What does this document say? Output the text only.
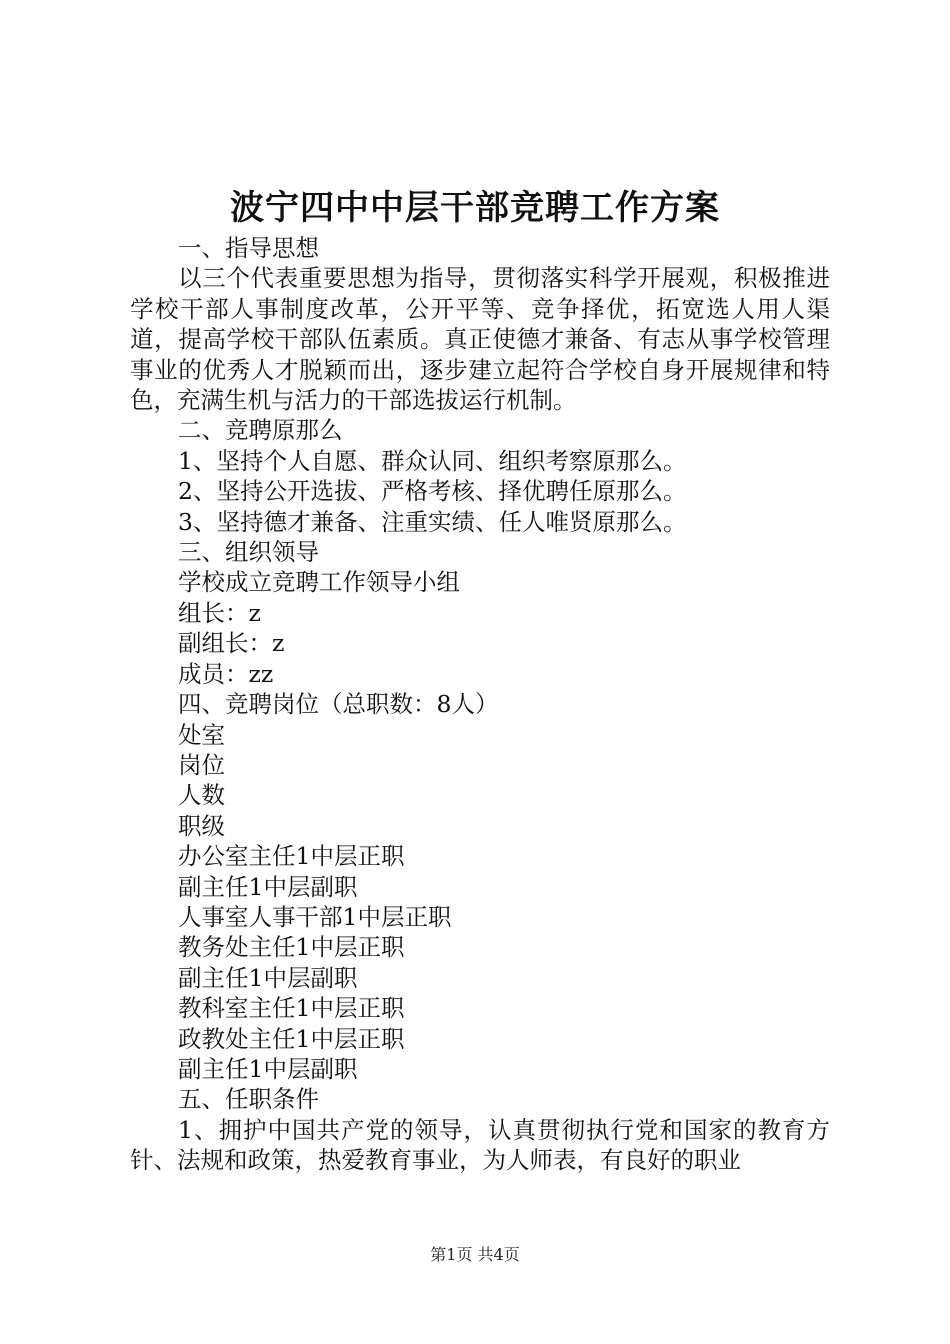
波宁四中中层干部竞聘工作方案

一、指导思想

以三个代表重要思想为指导，贯彻落实科学开展观，积极推进学校干部人事制度改革，公开平等、竞争择优，拓宽选人用人渠道，提高学校干部队伍素质。真正使德才兼备、有志从事学校管理事业的优秀人才脱颖而出，逐步建立起符合学校自身开展规律和特色，充满生机与活力的干部选拔运行机制。

二、竞聘原那么

1、坚持个人自愿、群众认同、组织考察原那么。

2、坚持公开选拔、严格考核、择优聘任原那么。

3、坚持德才兼备、注重实绩、任人唯贤原那么。

三、组织领导

学校成立竞聘工作领导小组

组长：z

副组长：z

成员：zz

四、竞聘岗位（总职数：8人）

处室

岗位

人数

职级

办公室主任1中层正职

副主任1中层副职

人事室人事干部1中层正职

教务处主任1中层正职

副主任1中层副职

教科室主任1中层正职

政教处主任1中层正职

副主任1中层副职

五、任职条件

1、拥护中国共产党的领导，认真贯彻执行党和国家的教育方针、法规和政策，热爱教育事业，为人师表，有良好的职业

第1页 共4页
